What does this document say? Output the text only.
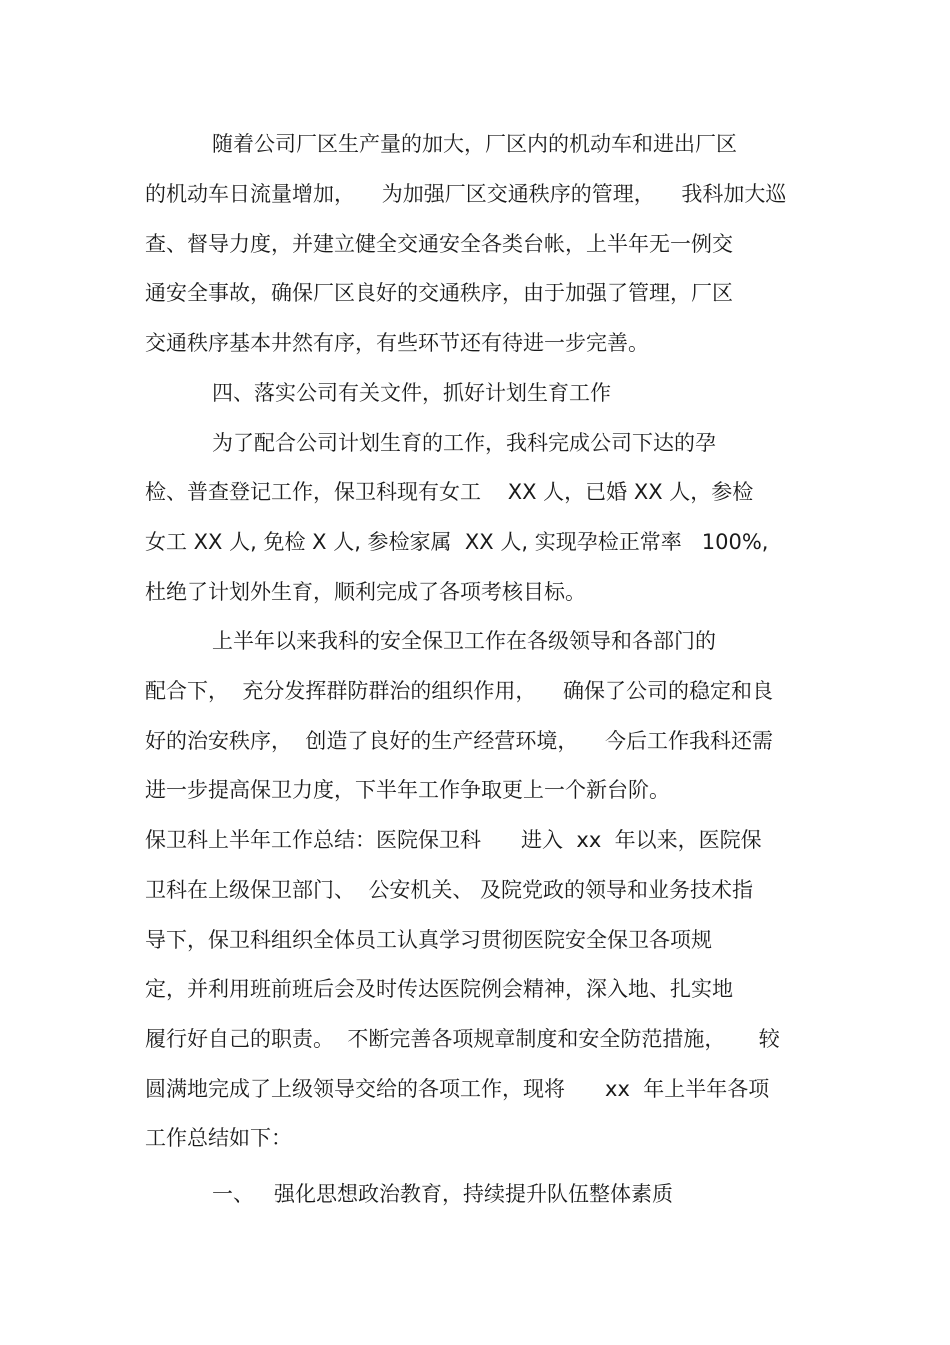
随着公司厂区生产量的加大，厂区内的机动车和进出厂区
的机动车日流量增加，    为加强厂区交通秩序的管理，    我科加大巡
查、督导力度，并建立健全交通安全各类台帐，上半年无一例交
通安全事故，确保厂区良好的交通秩序，由于加强了管理，厂区
交通秩序基本井然有序，有些环节还有待进一步完善。
四、落实公司有关文件，抓好计划生育工作
为了配合公司计划生育的工作，我科完成公司下达的孕
检、普查登记工作，保卫科现有女工    XX 人，已婚 XX 人，参检
女工 XX 人, 免检 X 人, 参检家属  XX 人, 实现孕检正常率   100%,
杜绝了计划外生育，顺利完成了各项考核目标。
上半年以来我科的安全保卫工作在各级领导和各部门的
配合下，  充分发挥群防群治的组织作用，    确保了公司的稳定和良
好的治安秩序，  创造了良好的生产经营环境，    今后工作我科还需
进一步提高保卫力度，下半年工作争取更上一个新台阶。
保卫科上半年工作总结：医院保卫科      进入  xx  年以来，医院保
卫科在上级保卫部门、  公安机关、 及院党政的领导和业务技术指
导下，保卫科组织全体员工认真学习贯彻医院安全保卫各项规
定，并利用班前班后会及时传达医院例会精神，深入地、扎实地
履行好自己的职责。  不断完善各项规章制度和安全防范措施，     较
圆满地完成了上级领导交给的各项工作，现将      xx  年上半年各项
工作总结如下：
一、   强化思想政治教育，持续提升队伍整体素质
